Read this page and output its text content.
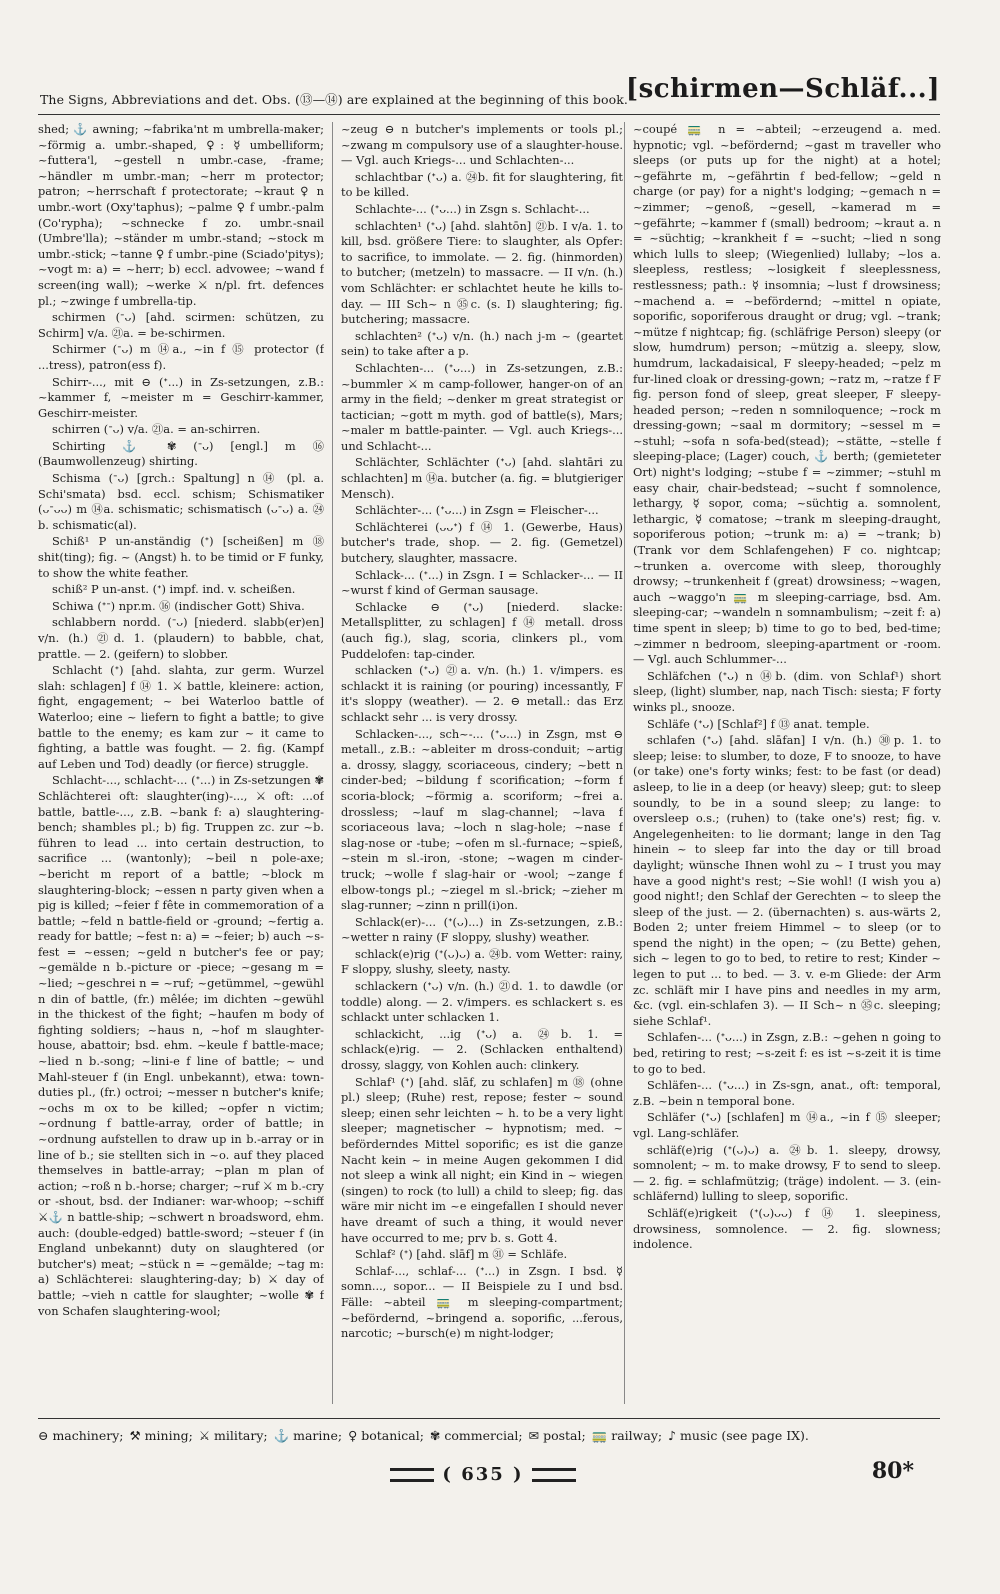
The Signs, Abbreviations and det. Obs. (⑬—⑭) are explained at the beginning of this book.
[schirmen—Schläf...]

shed; ⚓ awning; ~fabrika'nt m umbrella-maker; ~förmig a. umbr.-shaped, ♀: ☿ umbelliform; ~futtera'l, ~gestell n umbr.-case, -frame; ~händler m umbr.-man; ~herr m protector; patron; ~herrschaft f protectorate; ~kraut ♀ n umbr.-wort (Oxy'taphus); ~palme ♀ f umbr.-palm (Co'rypha); ~schnecke f zo. umbr.-snail (Umbre'lla); ~ständer m umbr.-stand; ~stock m umbr.-stick; ~tanne ♀ f umbr.-pine (Sciado'pitys); ~vogt m: a) = ~herr; b) eccl. advowee; ~wand f screen(ing wall); ~werke ⚔ n/pl. frt. defences pl.; ~zwinge f umbrella-tip.

schirmen (ᐨᴗ) [ahd. scirmen: schützen, zu Schirm] v/a. ㉑a. = be-schirmen.

Schirmer (ᐨᴗ) m ⑭a., ~in f ⑮ protector (f ...tress), patron(ess f).

Schirr-..., mit ⊖ (ᐩ...) in Zs-setzungen, z.B.: ~kammer f, ~meister m = Geschirr-kammer, Geschirr-meister.

schirren (ᐨᴗ) v/a. ㉑a. = an-schirren.

Schirting ⚓ ✾ (ᐨᴗ) [engl.] m ⑯ (Baumwollenzeug) shirting.

Schisma (ᐨᴗ) [grch.: Spaltung] n ⑭ (pl. a. Schi'smata) bsd. eccl. schism; Schismatiker (ᴗᐨᴗᴗ) m ⑭a. schismatic; schismatisch (ᴗᐨᴗ) a. ㉔b. schismatic(al).

Schiß¹ P un-anständig (ᐩ) [scheißen] m ⑱ shit(ting); fig. ~ (Angst) h. to be timid or F funky, to show the white feather.

schiß² P un-anst. (ᐩ) impf. ind. v. scheißen.

Schiwa (ᐩᐨ) npr.m. ⑯ (indischer Gott) Shiva.

schlabbern nordd. (ᐨᴗ) [niederd. slabb(er)en] v/n. (h.) ㉑d. 1. (plaudern) to babble, chat, prattle. — 2. (geifern) to slobber.

Schlacht (ᐩ) [ahd. slahta, zur germ. Wurzel slah: schlagen] f ⑭ 1. ⚔ battle, kleinere: action, fight, engagement; ~ bei Waterloo battle of Waterloo; eine ~ liefern to fight a battle; to give battle to the enemy; es kam zur ~ it came to fighting, a battle was fought. — 2. fig. (Kampf auf Leben und Tod) deadly (or fierce) struggle.

Schlacht-..., schlacht-... (ᐩ...) in Zs-setzungen ✾ Schlächterei oft: slaughter(ing)-..., ⚔ oft: ...of battle, battle-..., z.B. ~bank f: a) slaughtering-bench; shambles pl.; b) fig. Truppen zc. zur ~b. führen to lead ... into certain destruction, to sacrifice ... (wantonly); ~beil n pole-axe; ~bericht m report of a battle; ~block m slaughtering-block; ~essen n party given when a pig is killed; ~feier f fête in commemoration of a battle; ~feld n battle-field or -ground; ~fertig a. ready for battle; ~fest n: a) = ~feier; b) auch ~s-fest = ~essen; ~geld n butcher's fee or pay; ~gemälde n b.-picture or -piece; ~gesang m = ~lied; ~geschrei n = ~ruf; ~getümmel, ~gewühl n din of battle, (fr.) mêlée; im dichten ~gewühl in the thickest of the fight; ~haufen m body of fighting soldiers; ~haus n, ~hof m slaughter-house, abattoir; bsd. ehm. ~keule f battle-mace; ~lied n b.-song; ~lini-e f line of battle; ~ und Mahl-steuer f (in Engl. unbekannt), etwa: town-duties pl., (fr.) octroi; ~messer n butcher's knife; ~ochs m ox to be killed; ~opfer n victim; ~ordnung f battle-array, order of battle; in ~ordnung aufstellen to draw up in b.-array or in line of b.; sie stellten sich in ~o. auf they placed themselves in battle-array; ~plan m plan of action; ~roß n b.-horse; charger; ~ruf ⚔ m b.-cry or -shout, bsd. der Indianer: war-whoop; ~schiff ⚔⚓ n battle-ship; ~schwert n broadsword, ehm. auch: (double-edged) battle-sword; ~steuer f (in England unbekannt) duty on slaughtered (or butcher's) meat; ~stück n = ~gemälde; ~tag m: a) Schlächterei: slaughtering-day; b) ⚔ day of battle; ~vieh n cattle for slaughter; ~wolle ✾ f von Schafen slaughtering-wool;

~zeug ⊖ n butcher's implements or tools pl.; ~zwang m compulsory use of a slaughter-house. — Vgl. auch Kriegs-... und Schlachten-...

schlachtbar (ᐩᴗ) a. ㉔b. fit for slaughtering, fit to be killed.

Schlachte-... (ᐩᴗ...) in Zsgn s. Schlacht-...

schlachten¹ (ᐩᴗ) [ahd. slahtōn] ㉑b. I v/a. 1. to kill, bsd. größere Tiere: to slaughter, als Opfer: to sacrifice, to immolate. — 2. fig. (hinmorden) to butcher; (metzeln) to massacre. — II v/n. (h.) vom Schlächter: er schlachtet heute he kills to-day. — III Sch~ n ㉟c. (s. I) slaughtering; fig. butchering; massacre.

schlachten² (ᐩᴗ) v/n. (h.) nach j-m ~ (geartet sein) to take after a p.

Schlachten-... (ᐩᴗ...) in Zs-setzungen, z.B.: ~bummler ⚔ m camp-follower, hanger-on of an army in the field; ~denker m great strategist or tactician; ~gott m myth. god of battle(s), Mars; ~maler m battle-painter. — Vgl. auch Kriegs-... und Schlacht-...

Schlächter, Schlächter (ᐩᴗ) [ahd. slahtāri zu schlachten] m ⑭a. butcher (a. fig. = blutgieriger Mensch).

Schlächter-... (ᐩᴗ...) in Zsgn = Fleischer-...

Schlächterei (ᴗᴗᐩ) f ⑭ 1. (Gewerbe, Haus) butcher's trade, shop. — 2. fig. (Gemetzel) butchery, slaughter, massacre.

Schlack-... (ᐩ...) in Zsgn. I = Schlacker-... — II ~wurst f kind of German sausage.

Schlacke ⊖ (ᐩᴗ) [niederd. slacke: Metallsplitter, zu schlagen] f ⑭ metall. dross (auch fig.), slag, scoria, clinkers pl., vom Puddelofen: tap-cinder.

schlacken (ᐩᴗ) ㉑a. v/n. (h.) 1. v/impers. es schlackt it is raining (or pouring) incessantly, F it's sloppy (weather). — 2. ⊖ metall.: das Erz schlackt sehr ... is very drossy.

Schlacken-..., sch~-... (ᐩᴗ...) in Zsgn, mst ⊖ metall., z.B.: ~ableiter m dross-conduit; ~artig a. drossy, slaggy, scoriaceous, cindery; ~bett n cinder-bed; ~bildung f scorification; ~form f scoria-block; ~förmig a. scoriform; ~frei a. drossless; ~lauf m slag-channel; ~lava f scoriaceous lava; ~loch n slag-hole; ~nase f slag-nose or -tube; ~ofen m sl.-furnace; ~spieß, ~stein m sl.-iron, -stone; ~wagen m cinder-truck; ~wolle f slag-hair or -wool; ~zange f elbow-tongs pl.; ~ziegel m sl.-brick; ~zieher m slag-runner; ~zinn n prill(i)on.

Schlack(er)-... (ᐩ(ᴗ)...) in Zs-setzungen, z.B.: ~wetter n rainy (F sloppy, slushy) weather.

schlack(e)rig (ᐩ(ᴗ)ᴗ) a. ㉔b. vom Wetter: rainy, F sloppy, slushy, sleety, nasty.

schlackern (ᐩᴗ) v/n. (h.) ㉑d. 1. to dawdle (or toddle) along. — 2. v/impers. es schlackert s. es schlackt unter schlacken 1.

schlackicht, ...ig (ᐩᴗ) a. ㉔b. 1. = schlack(e)rig. — 2. (Schlacken enthaltend) drossy, slaggy, von Kohlen auch: clinkery.

Schlaf¹ (ᐩ) [ahd. slāf, zu schlafen] m ⑱ (ohne pl.) sleep; (Ruhe) rest, repose; fester ~ sound sleep; einen sehr leichten ~ h. to be a very light sleeper; magnetischer ~ hypnotism; med. ~ beförderndes Mittel soporific; es ist die ganze Nacht kein ~ in meine Augen gekommen I did not sleep a wink all night; ein Kind in ~ wiegen (singen) to rock (to lull) a child to sleep; fig. das wäre mir nicht im ~e eingefallen I should never have dreamt of such a thing, it would never have occurred to me; prv b. s. Gott 4.

Schlaf² (ᐩ) [ahd. slāf] m ㉛ = Schläfe.

Schlaf-..., schlaf-... (ᐩ...) in Zsgn. I bsd. ☿ somn..., sopor... — II Beispiele zu I und bsd. Fälle: ~abteil 🚃 m sleeping-compartment; ~befördernd, ~bringend a. soporific, ...ferous, narcotic; ~bursch(e) m night-lodger;

~coupé 🚃 n = ~abteil; ~erzeugend a. med. hypnotic; vgl. ~befördernd; ~gast m traveller who sleeps (or puts up for the night) at a hotel; ~gefährte m, ~gefährtin f bed-fellow; ~geld n charge (or pay) for a night's lodging; ~gemach n = ~zimmer; ~genoß, ~gesell, ~kamerad m = ~gefährte; ~kammer f (small) bedroom; ~kraut a. n = ~süchtig; ~krankheit f = ~sucht; ~lied n song which lulls to sleep; (Wiegenlied) lullaby; ~los a. sleepless, restless; ~losigkeit f sleeplessness, restlessness; path.: ☿ insomnia; ~lust f drowsiness; ~machend a. = ~befördernd; ~mittel n opiate, soporific, soporiferous draught or drug; vgl. ~trank; ~mütze f nightcap; fig. (schläfrige Person) sleepy (or slow, humdrum) person; ~mützig a. sleepy, slow, humdrum, lackadaisical, F sleepy-headed; ~pelz m fur-lined cloak or dressing-gown; ~ratz m, ~ratze f F fig. person fond of sleep, great sleeper, F sleepy-headed person; ~reden n somniloquence; ~rock m dressing-gown; ~saal m dormitory; ~sessel m = ~stuhl; ~sofa n sofa-bed(stead); ~stätte, ~stelle f sleeping-place; (Lager) couch, ⚓ berth; (gemieteter Ort) night's lodging; ~stube f = ~zimmer; ~stuhl m easy chair, chair-bedstead; ~sucht f somnolence, lethargy, ☿ sopor, coma; ~süchtig a. somnolent, lethargic, ☿ comatose; ~trank m sleeping-draught, soporiferous potion; ~trunk m: a) = ~trank; b) (Trank vor dem Schlafengehen) F co. nightcap; ~trunken a. overcome with sleep, thoroughly drowsy; ~trunkenheit f (great) drowsiness; ~wagen, auch ~waggo'n 🚃 m sleeping-carriage, bsd. Am. sleeping-car; ~wandeln n somnambulism; ~zeit f: a) time spent in sleep; b) time to go to bed, bed-time; ~zimmer n bedroom, sleeping-apartment or -room. — Vgl. auch Schlummer-...

Schläfchen (ᐩᴗ) n ⑭b. (dim. von Schlaf¹) short sleep, (light) slumber, nap, nach Tisch: siesta; F forty winks pl., snooze.

Schläfe (ᐩᴗ) [Schlaf²] f ⑬ anat. temple.

schlafen (ᐩᴗ) [ahd. slāfan] I v/n. (h.) ㉚p. 1. to sleep; leise: to slumber, to doze, F to snooze, to have (or take) one's forty winks; fest: to be fast (or dead) asleep, to lie in a deep (or heavy) sleep; gut: to sleep soundly, to be in a sound sleep; zu lange: to oversleep o.s.; (ruhen) to (take one's) rest; fig. v. Angelegenheiten: to lie dormant; lange in den Tag hinein ~ to sleep far into the day or till broad daylight; wünsche Ihnen wohl zu ~ I trust you may have a good night's rest; ~Sie wohl! (I wish you a) good night!; den Schlaf der Gerechten ~ to sleep the sleep of the just. — 2. (übernachten) s. aus-wärts 2, Boden 2; unter freiem Himmel ~ to sleep (or to spend the night) in the open; ~ (zu Bette) gehen, sich ~ legen to go to bed, to retire to rest; Kinder ~ legen to put ... to bed. — 3. v. e-m Gliede: der Arm zc. schläft mir I have pins and needles in my arm, &c. (vgl. ein-schlafen 3). — II Sch~ n ㉟c. sleeping; siehe Schlaf¹.

Schlafen-... (ᐩᴗ...) in Zsgn, z.B.: ~gehen n going to bed, retiring to rest; ~s-zeit f: es ist ~s-zeit it is time to go to bed.

Schläfen-... (ᐩᴗ...) in Zs-sgn, anat., oft: temporal, z.B. ~bein n temporal bone.

Schläfer (ᐩᴗ) [schlafen] m ⑭a., ~in f ⑮ sleeper; vgl. Lang-schläfer.

schläf(e)rig (ᐩ(ᴗ)ᴗ) a. ㉔b. 1. sleepy, drowsy, somnolent; ~ m. to make drowsy, F to send to sleep. — 2. fig. = schlafmützig; (träge) indolent. — 3. (ein-schläfernd) lulling to sleep, soporific.

Schläf(e)rigkeit (ᐩ(ᴗ)ᴗᴗ) f ⑭ 1. sleepiness, drowsiness, somnolence. — 2. fig. slowness; indolence.

⊖ machinery; ⚒ mining; ⚔ military; ⚓ marine; ♀ botanical; ✾ commercial; ✉ postal; 🚃 railway; ♪ music (see page IX).
( 635 )	80*
